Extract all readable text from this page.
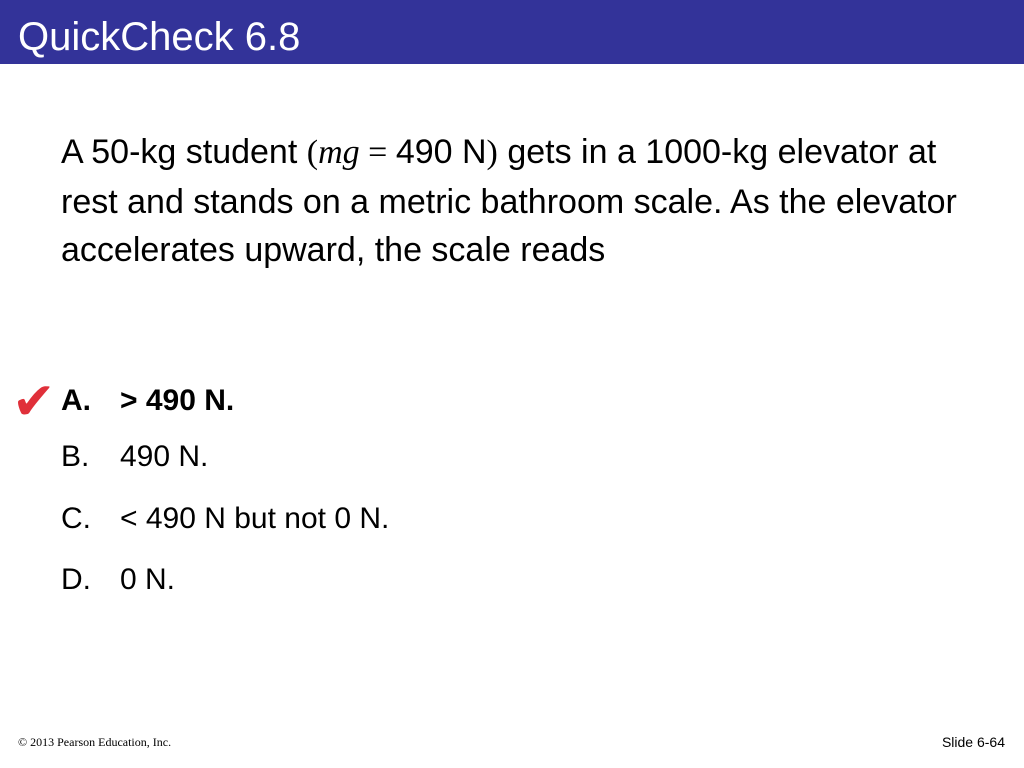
QuickCheck 6.8
A 50-kg student (mg = 490 N) gets in a 1000-kg elevator at rest and stands on a metric bathroom scale. As the elevator accelerates upward, the scale reads
✔ A. > 490 N.
B. 490 N.
C. < 490 N but not 0 N.
D. 0 N.
© 2013 Pearson Education, Inc.	Slide 6-64
